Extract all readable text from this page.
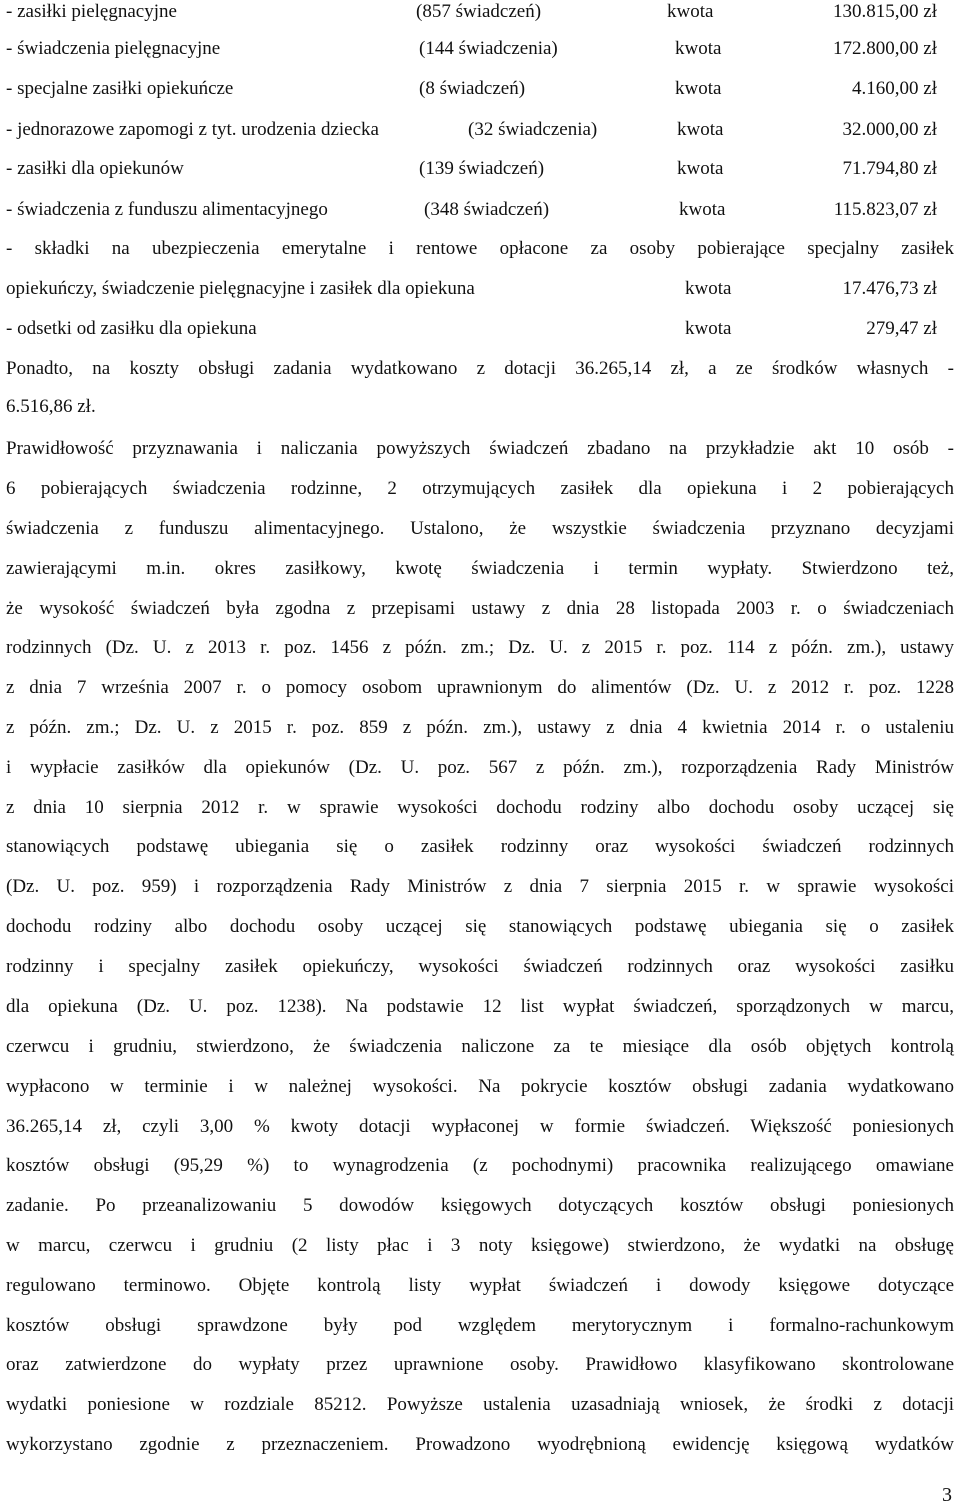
- zasiłki pielęgnacyjne	(857 świadczeń)	kwota	130.815,00 zł
- świadczenia pielęgnacyjne	(144 świadczenia)	kwota	172.800,00 zł
- specjalne zasiłki opiekuńcze	(8 świadczeń)	kwota	4.160,00 zł
- jednorazowe zapomogi z tyt. urodzenia dziecka	(32 świadczenia)	kwota	32.000,00 zł
- zasiłki dla opiekunów	(139 świadczeń)	kwota	71.794,80 zł
- świadczenia z funduszu alimentacyjnego	(348 świadczeń)	kwota	115.823,07 zł
- składki na ubezpieczenia emerytalne i rentowe opłacone za osoby pobierające specjalny zasiłek
opiekuńczy, świadczenie pielęgnacyjne i zasiłek dla opiekuna	kwota	17.476,73 zł
- odsetki od zasiłku dla opiekuna	kwota	279,47 zł
Ponadto, na koszty obsługi zadania wydatkowano z dotacji 36.265,14 zł, a ze środków własnych -
6.516,86 zł.
Prawidłowość przyznawania i naliczania powyższych świadczeń zbadano na przykładzie akt 10 osób -
6 pobierających świadczenia rodzinne, 2 otrzymujących zasiłek dla opiekuna i 2 pobierających
świadczenia z funduszu alimentacyjnego. Ustalono, że wszystkie świadczenia przyznano decyzjami
zawierającymi m.in. okres zasiłkowy, kwotę świadczenia i termin wypłaty. Stwierdzono też,
że wysokość świadczeń była zgodna z przepisami ustawy z dnia 28 listopada 2003 r. o świadczeniach
rodzinnych (Dz. U. z 2013 r. poz. 1456 z późn. zm.; Dz. U. z 2015 r. poz. 114 z późn. zm.), ustawy
z dnia 7 września 2007 r. o pomocy osobom uprawnionym do alimentów (Dz. U. z 2012 r. poz. 1228
z późn. zm.; Dz. U. z 2015 r. poz. 859 z późn. zm.), ustawy z dnia 4 kwietnia 2014 r. o ustaleniu
i wypłacie zasiłków dla opiekunów (Dz. U. poz. 567 z późn. zm.), rozporządzenia Rady Ministrów
z dnia 10 sierpnia 2012 r. w sprawie wysokości dochodu rodziny albo dochodu osoby uczącej się
stanowiących podstawę ubiegania się o zasiłek rodzinny oraz wysokości świadczeń rodzinnych
(Dz. U. poz. 959) i rozporządzenia Rady Ministrów z dnia 7 sierpnia 2015 r. w sprawie wysokości
dochodu rodziny albo dochodu osoby uczącej się stanowiących podstawę ubiegania się o zasiłek
rodzinny i specjalny zasiłek opiekuńczy, wysokości świadczeń rodzinnych oraz wysokości zasiłku
dla opiekuna (Dz. U. poz. 1238). Na podstawie 12 list wypłat świadczeń, sporządzonych w marcu,
czerwcu i grudniu, stwierdzono, że świadczenia naliczone za te miesiące dla osób objętych kontrolą
wypłacono w terminie i w należnej wysokości. Na pokrycie kosztów obsługi zadania wydatkowano
36.265,14 zł, czyli 3,00 % kwoty dotacji wypłaconej w formie świadczeń. Większość poniesionych
kosztów obsługi (95,29 %) to wynagrodzenia (z pochodnymi) pracownika realizującego omawiane
zadanie. Po przeanalizowaniu 5 dowodów księgowych dotyczących kosztów obsługi poniesionych
w marcu, czerwcu i grudniu (2 listy płac i 3 noty księgowe) stwierdzono, że wydatki na obsługę
regulowano terminowo. Objęte kontrolą listy wypłat świadczeń i dowody księgowe dotyczące
kosztów obsługi sprawdzone były pod względem merytorycznym i formalno-rachunkowym
oraz zatwierdzone do wypłaty przez uprawnione osoby. Prawidłowo klasyfikowano skontrolowane
wydatki poniesione w rozdziale 85212. Powyższe ustalenia uzasadniają wniosek, że środki z dotacji
wykorzystano zgodnie z przeznaczeniem. Prowadzono wyodrębnioną ewidencję księgową wydatków
3
